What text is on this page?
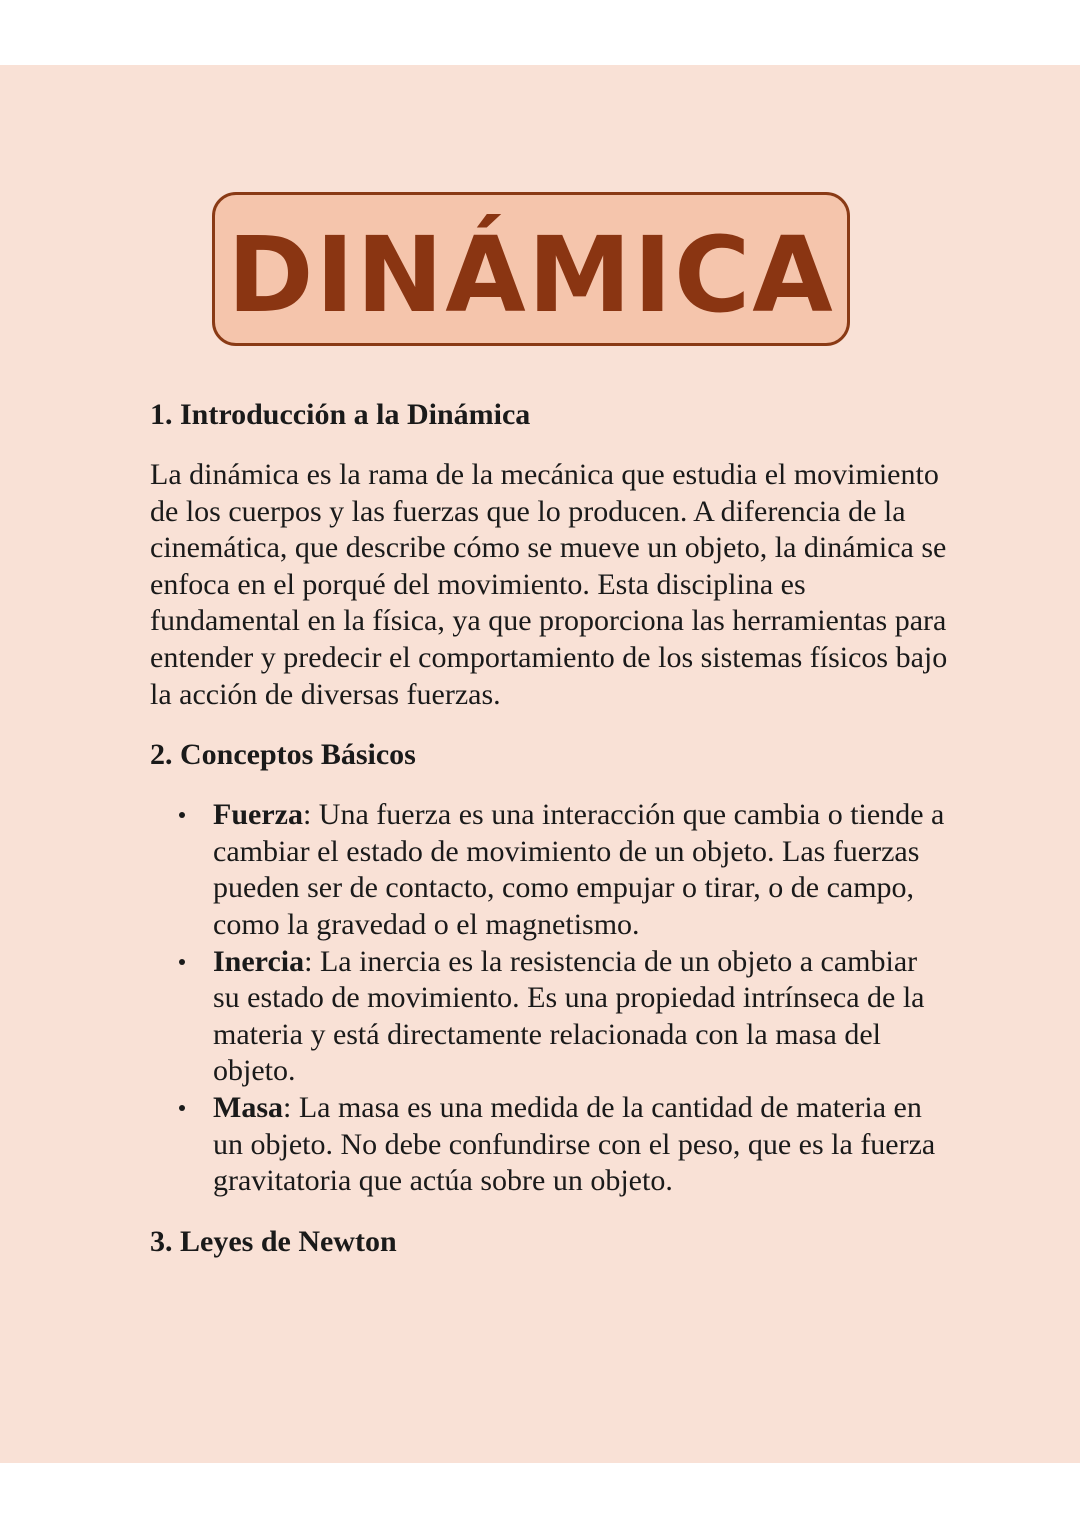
DINÁMICA
1. Introducción a la Dinámica

La dinámica es la rama de la mecánica que estudia el movimiento de los cuerpos y las fuerzas que lo producen. A diferencia de la cinemática, que describe cómo se mueve un objeto, la dinámica se enfoca en el porqué del movimiento. Esta disciplina es fundamental en la física, ya que proporciona las herramientas para entender y predecir el comportamiento de los sistemas físicos bajo la acción de diversas fuerzas.

2. Conceptos Básicos
Fuerza: Una fuerza es una interacción que cambia o tiende a cambiar el estado de movimiento de un objeto. Las fuerzas pueden ser de contacto, como empujar o tirar, o de campo, como la gravedad o el magnetismo.
Inercia: La inercia es la resistencia de un objeto a cambiar su estado de movimiento. Es una propiedad intrínseca de la materia y está directamente relacionada con la masa del objeto.
Masa: La masa es una medida de la cantidad de materia en un objeto. No debe confundirse con el peso, que es la fuerza gravitatoria que actúa sobre un objeto.
3. Leyes de Newton
